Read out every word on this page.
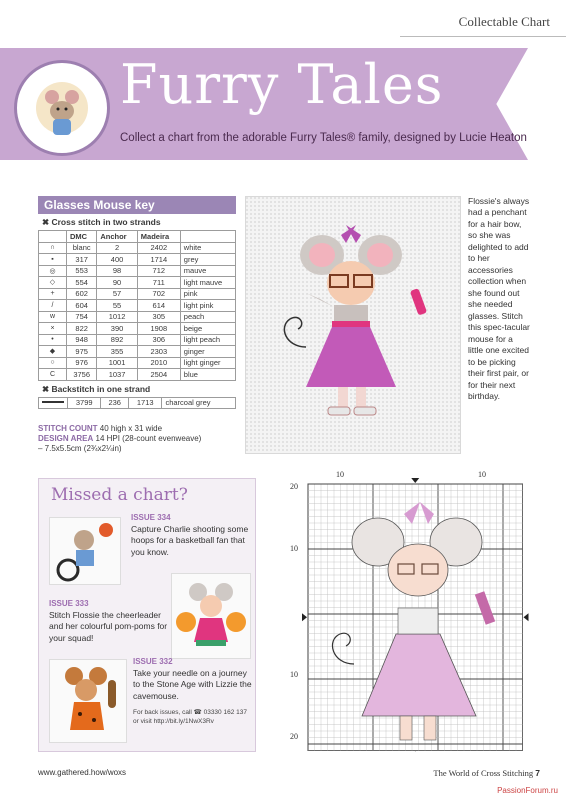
Collectable Chart
Furry Tales
Collect a chart from the adorable Furry Tales® family, designed by Lucie Heaton
Glasses Mouse key
✖ Cross stitch in two strands
	DMC	Anchor	Madeira	
∩	blanc	2	2402	white
▪	317	400	1714	grey
◎	553	98	712	mauve
◇	554	90	711	light mauve
+	602	57	702	pink
/	604	55	614	light pink
w	754	1012	305	peach
×	822	390	1908	beige
•	948	892	306	light peach
◆	975	355	2303	ginger
○	976	1001	2010	light ginger
C	3756	1037	2504	blue
✖ Backstitch in one strand
	3799	236	1713	charcoal grey
STITCH COUNT 40 high x 31 wide
DESIGN AREA 14 HPI (28-count evenweave)
– 7.5x5.5cm (2¾x2¼in)
Flossie's always had a penchant for a hair bow, so she was delighted to add to her accessories collection when she found out she needed glasses. Stitch this spec-tacular mouse for a little one excited to be picking their first pair, or for their next birthday.
Missed a chart?
ISSUE 334
Capture Charlie shooting some hoops for a basketball fan that you know.
ISSUE 333
Stitch Flossie the cheerleader and her colourful pom-poms for your squad!
ISSUE 332
Take your needle on a journey to the Stone Age with Lizzie the cavemouse.
For back issues, call ☎ 03330 162 137
or visit http://bit.ly/1NwX3Rv
10	10
20
10
10
20
www.gathered.how/woxs	The World of Cross Stitching 7
PassionForum.ru
